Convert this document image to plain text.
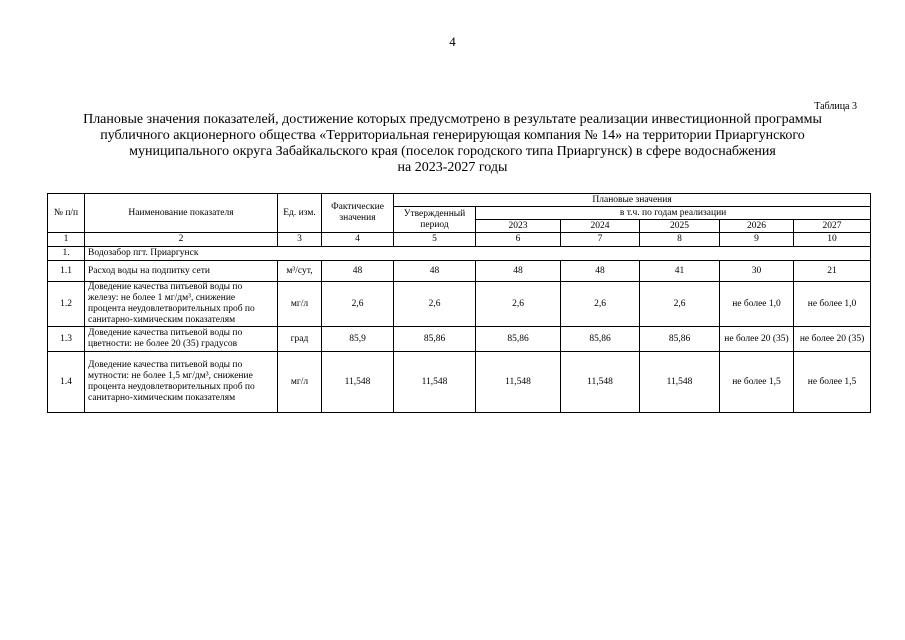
4
Таблица 3
Плановые значения показателей, достижение которых предусмотрено в результате реализации инвестиционной программы
публичного акционерного общества «Территориальная генерирующая компания № 14» на территории Приаргунского
муниципального округа Забайкальского края (поселок городского типа Приаргунск) в сфере водоснабжения
на 2023-2027 годы
№ п/п	Наименование показателя	Ед. изм.	Фактические значения	Плановые значения					
				Утвержденный период	в т.ч. по годам реализации				
					2023	2024	2025	2026	2027
1	2	3	4	5	6	7	8	9	10
1.	Водозабор пгт. Приаргунск								
1.1	Расход воды на подпитку сети	м³/сут,	48	48	48	48	41	30	21
1.2	Доведение качества питьевой воды по железу: не более 1 мг/дм³, снижение процента неудовлетворительных проб по санитарно-химическим показателям	мг/л	2,6	2,6	2,6	2,6	2,6	не более 1,0	не более 1,0
1.3	Доведение качества питьевой воды по цветности: не более 20 (35) градусов	град	85,9	85,86	85,86	85,86	85,86	не более 20 (35)	не более 20 (35)
1.4	Доведение качества питьевой воды по мутности: не более 1,5 мг/дм³, снижение процента неудовлетворительных проб по санитарно-химическим показателям	мг/л	11,548	11,548	11,548	11,548	11,548	не более 1,5	не более 1,5
